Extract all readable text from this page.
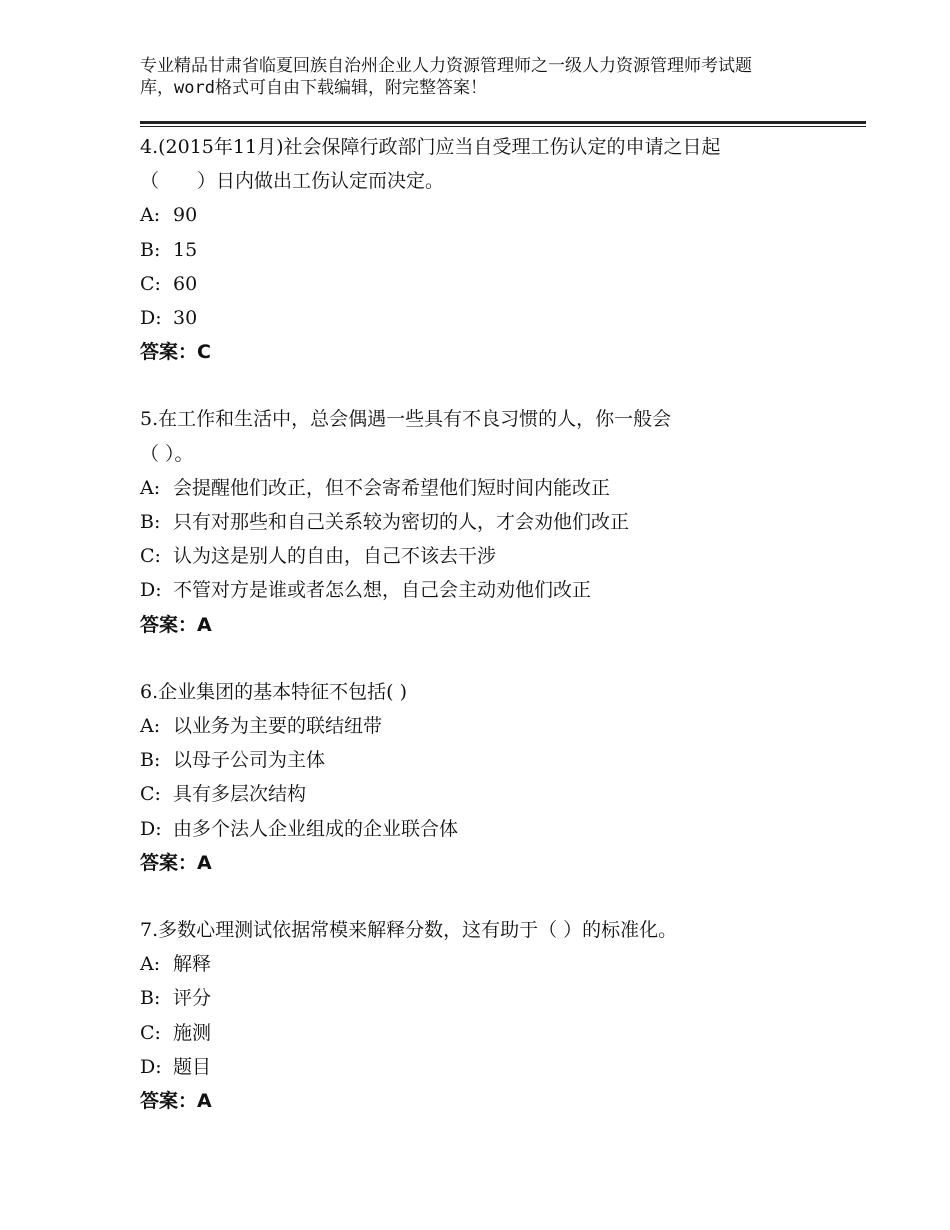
专业精品甘肃省临夏回族自治州企业人力资源管理师之一级人力资源管理师考试题
库，word格式可自由下载编辑，附完整答案！
4.(2015年11月)社会保障行政部门应当自受理工伤认定的申请之日起
（　　）日内做出工伤认定而决定。
A: 90
B: 15
C: 60
D: 30
答案：C
5.在工作和生活中，总会偶遇一些具有不良习惯的人，你一般会
（ ）。
A: 会提醒他们改正，但不会寄希望他们短时间内能改正
B: 只有对那些和自己关系较为密切的人，才会劝他们改正
C: 认为这是别人的自由，自己不该去干涉
D: 不管对方是谁或者怎么想，自己会主动劝他们改正
答案：A
6.企业集团的基本特征不包括( )
A: 以业务为主要的联结纽带
B: 以母子公司为主体
C: 具有多层次结构
D: 由多个法人企业组成的企业联合体
答案：A
7.多数心理测试依据常模来解释分数，这有助于（ ）的标准化。
A: 解释
B: 评分
C: 施测
D: 题目
答案：A
